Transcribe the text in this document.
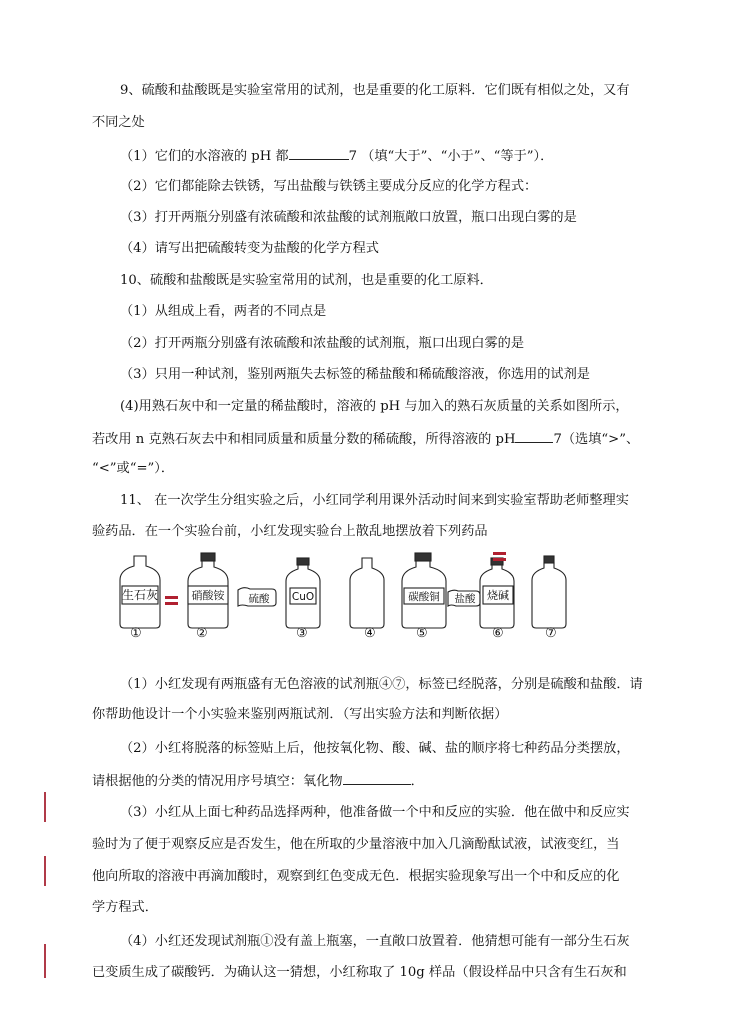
9、硫酸和盐酸既是实验室常用的试剂，也是重要的化工原料．它们既有相似之处，又有
不同之处
（1）它们的水溶液的 pH 都	7 （填“大于”、“小于”、“等于”）．
（2）它们都能除去铁锈，写出盐酸与铁锈主要成分反应的化学方程式：
（3）打开两瓶分别盛有浓硫酸和浓盐酸的试剂瓶敞口放置，瓶口出现白雾的是
（4）请写出把硫酸转变为盐酸的化学方程式
10、硫酸和盐酸既是实验室常用的试剂，也是重要的化工原料．
（1）从组成上看，两者的不同点是
（2）打开两瓶分别盛有浓硫酸和浓盐酸的试剂瓶，瓶口出现白雾的是
（3）只用一种试剂，鉴别两瓶失去标签的稀盐酸和稀硫酸溶液，你选用的试剂是
(4)用熟石灰中和一定量的稀盐酸时，溶液的 pH 与加入的熟石灰质量的关系如图所示，
若改用 n 克熟石灰去中和相同质量和质量分数的稀硫酸，所得溶液的 pH	7（选填“>”、
“<”或“=”）．
11、 在一次学生分组实验之后，小红同学利用课外活动时间来到实验室帮助老师整理实
验药品．在一个实验台前，小红发现实验台上散乱地摆放着下列药品
生石灰	硝酸铵 硫酸 CuO	碳酸铜 盐酸 烧碱
①	②	③	④	⑤	⑥	⑦
（1）小红发现有两瓶盛有无色溶液的试剂瓶④⑦，标签已经脱落，分别是硫酸和盐酸．请
你帮助他设计一个小实验来鉴别两瓶试剂．（写出实验方法和判断依据）
（2）小红将脱落的标签贴上后，他按氧化物、酸、碱、盐的顺序将七种药品分类摆放，
请根据他的分类的情况用序号填空：氧化物	．
（3）小红从上面七种药品选择两种，他准备做一个中和反应的实验．他在做中和反应实
验时为了便于观察反应是否发生，他在所取的少量溶液中加入几滴酚酞试液，试液变红，当
他向所取的溶液中再滴加酸时，观察到红色变成无色．根据实验现象写出一个中和反应的化
学方程式．
（4）小红还发现试剂瓶①没有盖上瓶塞，一直敞口放置着．他猜想可能有一部分生石灰
已变质生成了碳酸钙．为确认这一猜想，小红称取了 10g 样品（假设样品中只含有生石灰和
